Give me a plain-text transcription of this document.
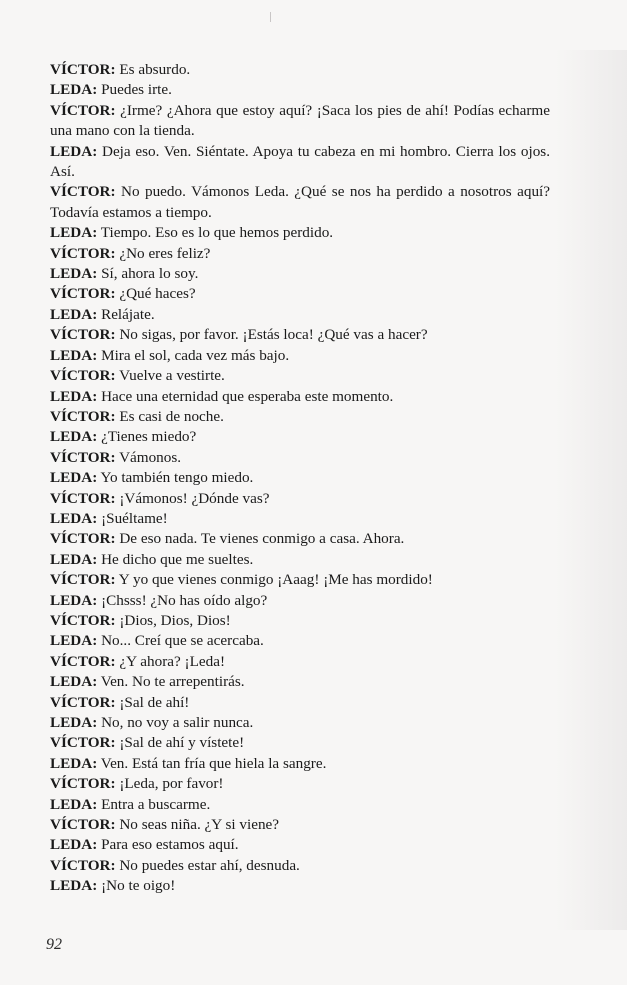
VÍCTOR: Es absurdo.

LEDA: Puedes irte.

VÍCTOR: ¿Irme? ¿Ahora que estoy aquí? ¡Saca los pies de ahí! Podías echarme una mano con la tienda.

LEDA: Deja eso. Ven. Siéntate. Apoya tu cabeza en mi hombro. Cierra los ojos. Así.

VÍCTOR: No puedo. Vámonos Leda. ¿Qué se nos ha perdido a nosotros aquí? Todavía estamos a tiempo.

LEDA: Tiempo. Eso es lo que hemos perdido.

VÍCTOR: ¿No eres feliz?

LEDA: Sí, ahora lo soy.

VÍCTOR: ¿Qué haces?

LEDA: Relájate.

VÍCTOR: No sigas, por favor. ¡Estás loca! ¿Qué vas a hacer?

LEDA: Mira el sol, cada vez más bajo.

VÍCTOR: Vuelve a vestirte.

LEDA: Hace una eternidad que esperaba este momento.

VÍCTOR: Es casi de noche.

LEDA: ¿Tienes miedo?

VÍCTOR: Vámonos.

LEDA: Yo también tengo miedo.

VÍCTOR: ¡Vámonos! ¿Dónde vas?

LEDA: ¡Suéltame!

VÍCTOR: De eso nada. Te vienes conmigo a casa. Ahora.

LEDA: He dicho que me sueltes.

VÍCTOR: Y yo que vienes conmigo ¡Aaag! ¡Me has mordido!

LEDA: ¡Chsss! ¿No has oído algo?

VÍCTOR: ¡Dios, Dios, Dios!

LEDA: No... Creí que se acercaba.

VÍCTOR: ¿Y ahora? ¡Leda!

LEDA: Ven. No te arrepentirás.

VÍCTOR: ¡Sal de ahí!

LEDA: No, no voy a salir nunca.

VÍCTOR: ¡Sal de ahí y vístete!

LEDA: Ven. Está tan fría que hiela la sangre.

VÍCTOR: ¡Leda, por favor!

LEDA: Entra a buscarme.

VÍCTOR: No seas niña. ¿Y si viene?

LEDA: Para eso estamos aquí.

VÍCTOR: No puedes estar ahí, desnuda.

LEDA: ¡No te oigo!

92
